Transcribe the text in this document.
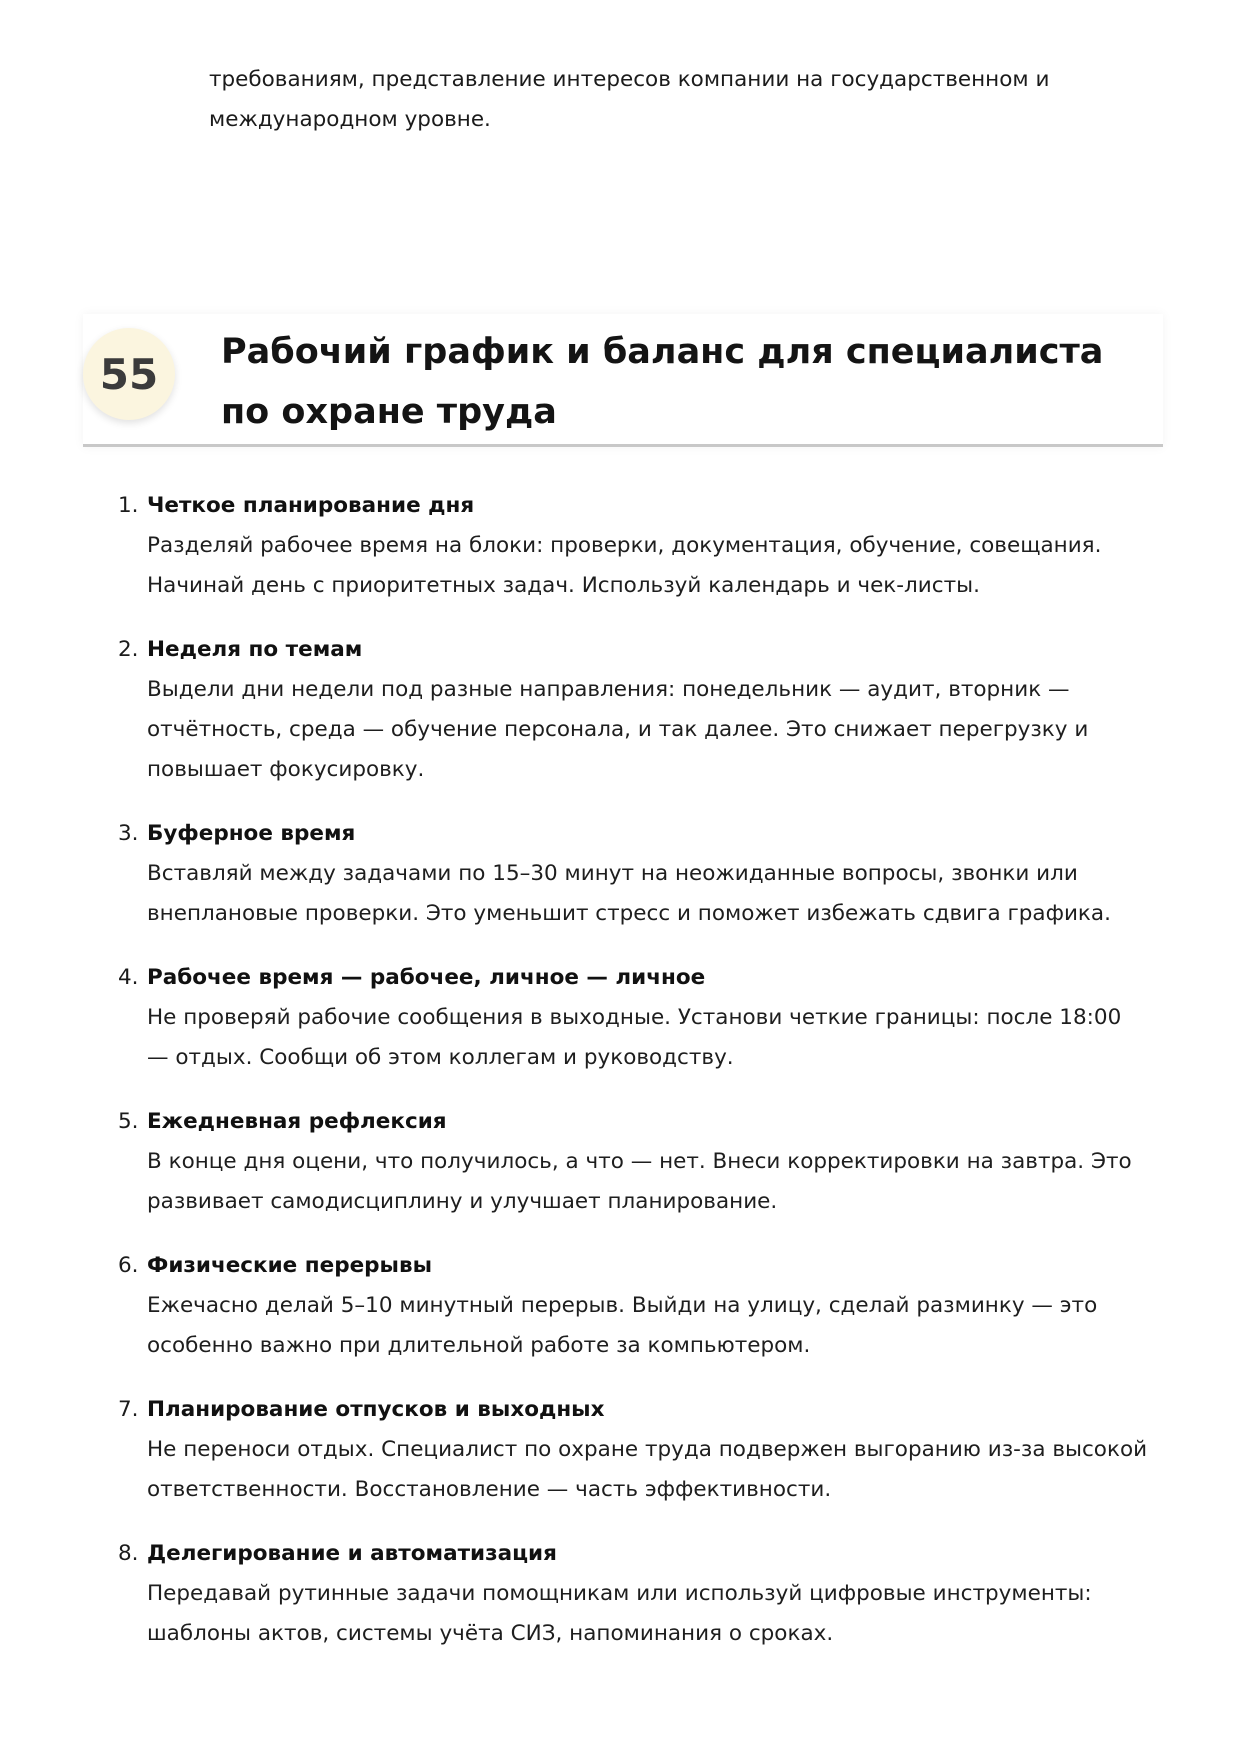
требованиям, представление интересов компании на государственном и международном уровне.

55	Рабочий график и баланс для специалиста по охране труда
1. Четкое планирование дня
Разделяй рабочее время на блоки: проверки, документация, обучение, совещания. Начинай день с приоритетных задач. Используй календарь и чек-листы.
2. Неделя по темам
Выдели дни недели под разные направления: понедельник — аудит, вторник — отчётность, среда — обучение персонала, и так далее. Это снижает перегрузку и повышает фокусировку.
3. Буферное время
Вставляй между задачами по 15–30 минут на неожиданные вопросы, звонки или внеплановые проверки. Это уменьшит стресс и поможет избежать сдвига графика.
4. Рабочее время — рабочее, личное — личное
Не проверяй рабочие сообщения в выходные. Установи четкие границы: после 18:00 — отдых. Сообщи об этом коллегам и руководству.
5. Ежедневная рефлексия
В конце дня оцени, что получилось, а что — нет. Внеси корректировки на завтра. Это развивает самодисциплину и улучшает планирование.
6. Физические перерывы
Ежечасно делай 5–10 минутный перерыв. Выйди на улицу, сделай разминку — это особенно важно при длительной работе за компьютером.
7. Планирование отпусков и выходных
Не переноси отдых. Специалист по охране труда подвержен выгоранию из-за высокой ответственности. Восстановление — часть эффективности.
8. Делегирование и автоматизация
Передавай рутинные задачи помощникам или используй цифровые инструменты: шаблоны актов, системы учёта СИЗ, напоминания о сроках.
